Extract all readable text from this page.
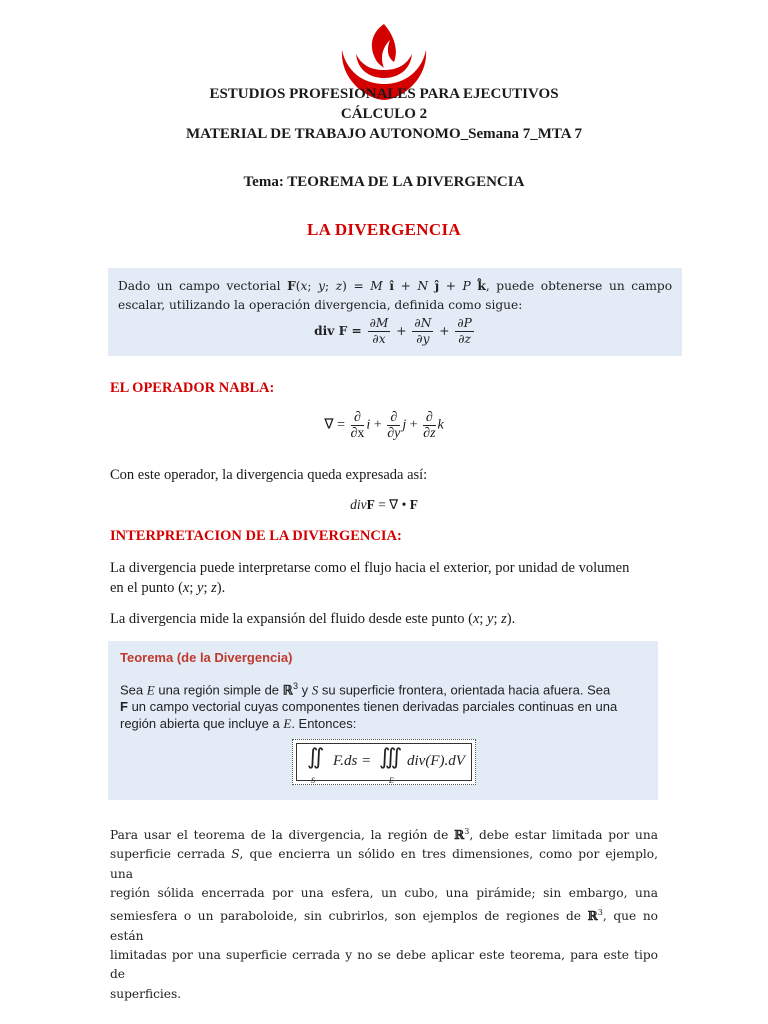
ESTUDIOS PROFESIONALES PARA EJECUTIVOS
CÁLCULO 2
MATERIAL DE TRABAJO AUTONOMO_Semana 7_MTA 7
Tema: TEOREMA DE LA DIVERGENCIA
LA DIVERGENCIA
Dado un campo vectorial F(x; y; z) = M î + N ĵ + P k̂, puede obtenerse un campo
escalar, utilizando la operación divergencia, definida como sigue:
div $F = \frac{\partial M}{\partial x} + \frac{\partial N}{\partial y} + \frac{\partial P}{\partial z}$
EL OPERADOR NABLA:
∇ = $\frac{\partial}{\partial x}$ $i + \frac{\partial}{\partial y}$ $j + \frac{\partial}{\partial z}$ k
Con este operador, la divergencia queda expresada así:
divF = ∇ • F
INTERPRETACION DE LA DIVERGENCIA:
La divergencia puede interpretarse como el flujo hacia el exterior, por unidad de volumen
en el punto (x; y; z).
La divergencia mide la expansión del fluido desde este punto (x; y; z).
Teorema (de la Divergencia)
Sea E una región simple de ℝ$^3$ y S su superficie frontera, orientada hacia afuera. Sea
F un campo vectorial cuyas componentes tienen derivadas parciales continuas en una
región abierta que incluye a E. Entonces:
∬
S
F.ds = ∭
E
div(F).dV
Para usar el teorema de la divergencia, la región de ℝ$^3$, debe estar limitada por una
superficie cerrada S, que encierra un sólido en tres dimensiones, como por ejemplo, una
región sólida encerrada por una esfera, un cubo, una pirámide; sin embargo, una
semiesfera o un paraboloide, sin cubrirlos, son ejemplos de regiones de ℝ$^3$, que no están
limitadas por una superficie cerrada y no se debe aplicar este teorema, para este tipo de
superficies.
